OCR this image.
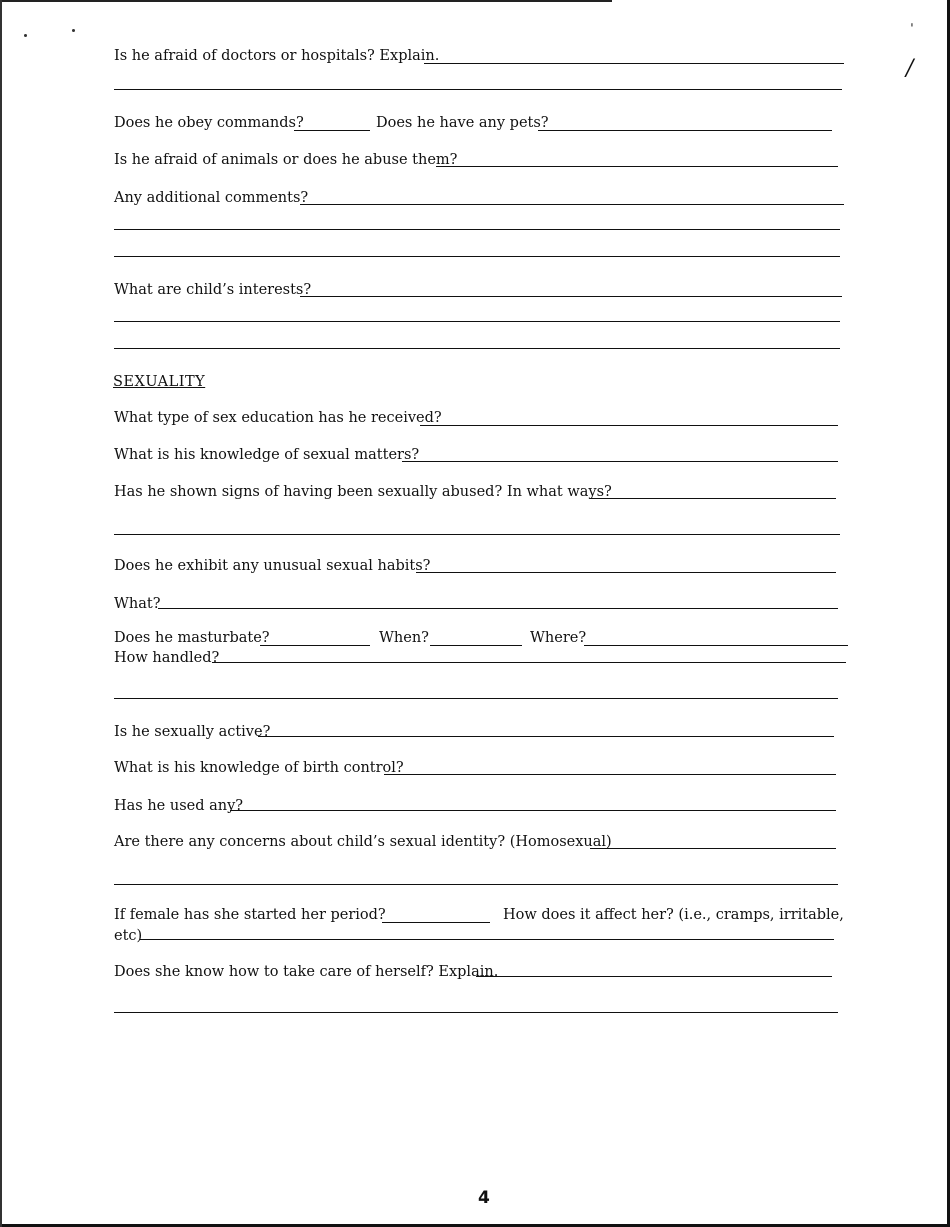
ˈ
/
Is he afraid of doctors or hospitals? Explain.
Does he obey commands?	Does he have any pets?
Is he afraid of animals or does he abuse them?
Any additional comments?
What are child’s interests?
SEXUALITY
What type of sex education has he received?
What is his knowledge of sexual matters?
Has he shown signs of having been sexually abused? In what ways?
Does he exhibit any unusual sexual habits?
What?
Does he masturbate?	When?	Where?
How handled?
Is he sexually active?
What is his knowledge of birth control?
Has he used any?
Are there any concerns about child’s sexual identity? (Homosexual)
If female has she started her period?	How does it affect her? (i.e., cramps, irritable,
etc)
Does she know how to take care of herself? Explain.
4
